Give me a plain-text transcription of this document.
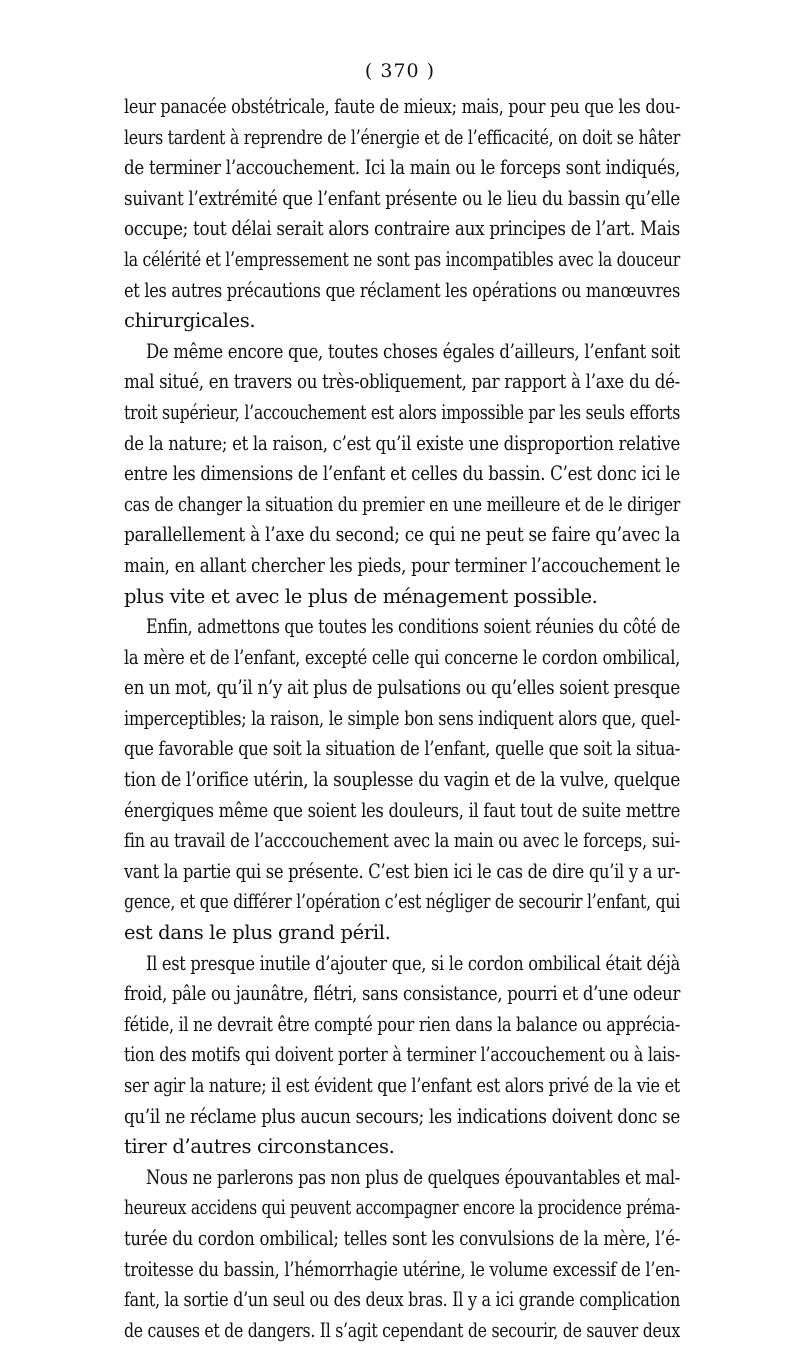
( 370 )
leur panacée obstétricale, faute de mieux; mais, pour peu que les dou-
leurs tardent à reprendre de l’énergie et de l’efficacité, on doit se hâter
de terminer l’accouchement. Ici la main ou le forceps sont indiqués,
suivant l’extrémité que l’enfant présente ou le lieu du bassin qu’elle
occupe; tout délai serait alors contraire aux principes de l’art. Mais
la célérité et l’empressement ne sont pas incompatibles avec la douceur
et les autres précautions que réclament les opérations ou manœuvres
chirurgicales.
De même encore que, toutes choses égales d’ailleurs, l’enfant soit
mal situé, en travers ou très-obliquement, par rapport à l’axe du dé-
troit supérieur, l’accouchement est alors impossible par les seuls efforts
de la nature; et la raison, c’est qu’il existe une disproportion relative
entre les dimensions de l’enfant et celles du bassin. C’est donc ici le
cas de changer la situation du premier en une meilleure et de le diriger
parallellement à l’axe du second; ce qui ne peut se faire qu’avec la
main, en allant chercher les pieds, pour terminer l’accouchement le
plus vite et avec le plus de ménagement possible.
Enfin, admettons que toutes les conditions soient réunies du côté de
la mère et de l’enfant, excepté celle qui concerne le cordon ombilical,
en un mot, qu’il n’y ait plus de pulsations ou qu’elles soient presque
imperceptibles; la raison, le simple bon sens indiquent alors que, quel-
que favorable que soit la situation de l’enfant, quelle que soit la situa-
tion de l’orifice utérin, la souplesse du vagin et de la vulve, quelque
énergiques même que soient les douleurs, il faut tout de suite mettre
fin au travail de l’acccouchement avec la main ou avec le forceps, sui-
vant la partie qui se présente. C’est bien ici le cas de dire qu’il y a ur-
gence, et que différer l’opération c’est négliger de secourir l’enfant, qui
est dans le plus grand péril.
Il est presque inutile d’ajouter que, si le cordon ombilical était déjà
froid, pâle ou jaunâtre, flétri, sans consistance, pourri et d’une odeur
fétide, il ne devrait être compté pour rien dans la balance ou apprécia-
tion des motifs qui doivent porter à terminer l’accouchement ou à lais-
ser agir la nature; il est évident que l’enfant est alors privé de la vie et
qu’il ne réclame plus aucun secours; les indications doivent donc se
tirer d’autres circonstances.
Nous ne parlerons pas non plus de quelques épouvantables et mal-
heureux accidens qui peuvent accompagner encore la procidence préma-
turée du cordon ombilical; telles sont les convulsions de la mère, l’é-
troitesse du bassin, l’hémorrhagie utérine, le volume excessif de l’en-
fant, la sortie d’un seul ou des deux bras. Il y a ici grande complication
de causes et de dangers. Il s’agit cependant de secourir, de sauver deux
